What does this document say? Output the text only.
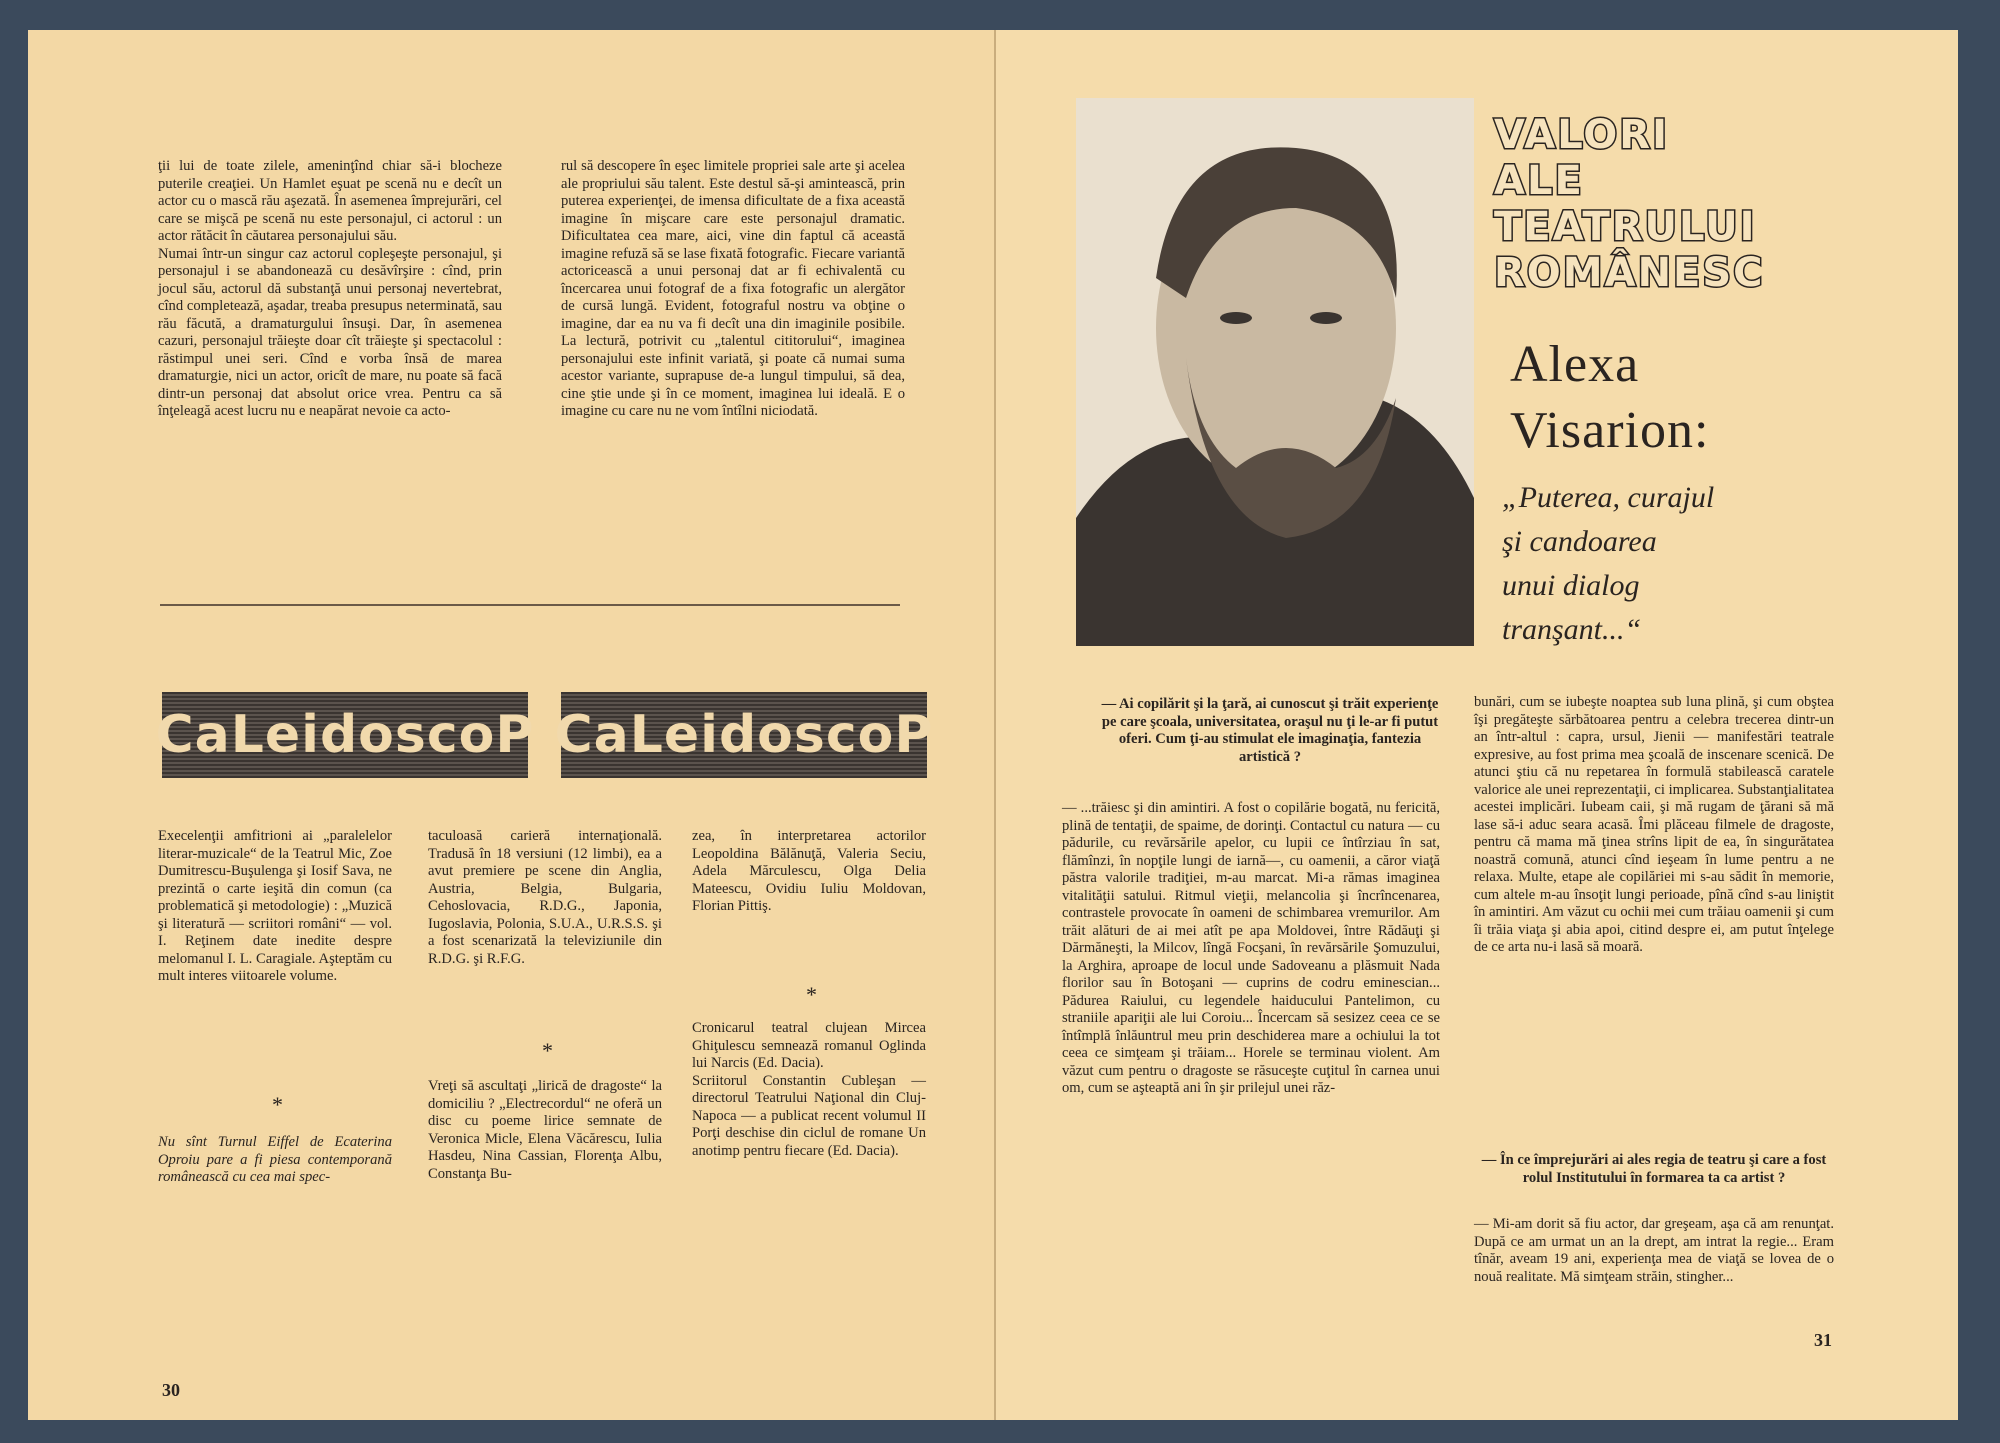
ţii lui de toate zilele, ameninţînd chiar să-i blocheze puterile creaţiei. Un Hamlet eşuat pe scenă nu e decît un actor cu o mască rău aşezată. În asemenea împrejurări, cel care se mişcă pe scenă nu este personajul, ci actorul : un actor rătăcit în căutarea personajului său.
Numai într-un singur caz actorul copleşeşte personajul, şi personajul i se abandonează cu desăvîrşire : cînd, prin jocul său, actorul dă substanţă unui personaj nevertebrat, cînd completează, aşadar, treaba presupus neterminată, sau rău făcută, a dramaturgului însuşi. Dar, în asemenea cazuri, personajul trăieşte doar cît trăieşte şi spectacolul : răstimpul unei seri. Cînd e vorba însă de marea dramaturgie, nici un actor, oricît de mare, nu poate să facă dintr-un personaj dat absolut orice vrea. Pentru ca să înţeleagă acest lucru nu e neapărat nevoie ca acto-
rul să descopere în eşec limitele propriei sale arte şi acelea ale propriului său talent. Este destul să-şi amintească, prin puterea experienţei, de imensa dificultate de a fixa această imagine în mişcare care este personajul dramatic. Dificultatea cea mare, aici, vine din faptul că această imagine refuză să se lase fixată fotografic. Fiecare variantă actoricească a unui personaj dat ar fi echivalentă cu încercarea unui fotograf de a fixa fotografic un alergător de cursă lungă. Evident, fotograful nostru va obţine o imagine, dar ea nu va fi decît una din imaginile posibile. La lectură, potrivit cu „talentul cititorului“, imaginea personajului este infinit variată, şi poate că numai suma acestor variante, suprapuse de-a lungul timpului, să dea, cine ştie unde şi în ce moment, imaginea lui ideală. E o imagine cu care nu ne vom întîlni niciodată.
CaLeidoscoP CaLeidoscoP
Execelenţii amfitrioni ai „paralelelor literar-muzicale“ de la Teatrul Mic, Zoe Dumitrescu-Buşulenga şi Iosif Sava, ne prezintă o carte ieşită din comun (ca problematică şi metodologie) : „Muzică şi literatură — scriitori români“ — vol. I. Reţinem date inedite despre melomanul I. L. Caragiale. Aşteptăm cu mult interes viitoarele volume.
*
Nu sînt Turnul Eiffel de Ecaterina Oproiu pare a fi piesa contemporană românească cu cea mai spec-
taculoasă carieră internaţională. Tradusă în 18 versiuni (12 limbi), ea a avut premiere pe scene din Anglia, Austria, Belgia, Bulgaria, Cehoslovacia, R.D.G., Japonia, Iugoslavia, Polonia, S.U.A., U.R.S.S. şi a fost scenarizată la televiziunile din R.D.G. şi R.F.G.
*
Vreţi să ascultaţi „lirică de dragoste“ la domiciliu ? „Electrecordul“ ne oferă un disc cu poeme lirice semnate de Veronica Micle, Elena Văcărescu, Iulia Hasdeu, Nina Cassian, Florenţa Albu, Constanţa Bu-
zea, în interpretarea actorilor Leopoldina Bălănuţă, Valeria Seciu, Adela Mărculescu, Olga Delia Mateescu, Ovidiu Iuliu Moldovan, Florian Pittiş.
*
Cronicarul teatral clujean Mircea Ghiţulescu semnează romanul Oglinda lui Narcis (Ed. Dacia).
Scriitorul Constantin Cubleşan — directorul Teatrului Naţional din Cluj-Napoca — a publicat recent volumul II Porţi deschise din ciclul de romane Un anotimp pentru fiecare (Ed. Dacia).
30
VALORI
ALE
TEATRULUI
ROMÂNESC
Alexa
Visarion:
„Puterea, curajul
şi candoarea
unui dialog
tranşant...“
— Ai copilărit şi la ţară, ai cunoscut şi trăit experienţe pe care şcoala, universitatea, oraşul nu ţi le-ar fi putut oferi. Cum ţi-au stimulat ele imaginaţia, fantezia artistică ?
— ...trăiesc şi din amintiri. A fost o copilărie bogată, nu fericită, plină de tentaţii, de spaime, de dorinţi. Contactul cu natura — cu pădurile, cu revărsările apelor, cu lupii ce întîrziau în sat, flămînzi, în nopţile lungi de iarnă—, cu oamenii, a căror viaţă păstra valorile tradiţiei, m-au marcat. Mi-a rămas imaginea vitalităţii satului. Ritmul vieţii, melancolia şi încrîncenarea, contrastele provocate în oameni de schimbarea vremurilor. Am trăit alături de ai mei atît pe apa Moldovei, între Rădăuţi şi Dărmăneşti, la Milcov, lîngă Focşani, în revărsările Şomuzului, la Arghira, aproape de locul unde Sadoveanu a plăsmuit Nada florilor sau în Botoşani — cuprins de codru eminescian... Pădurea Raiului, cu legendele haiducului Pantelimon, cu straniile apariţii ale lui Coroiu... Încercam să sesizez ceea ce se întîmplă înlăuntrul meu prin deschiderea mare a ochiului la tot ceea ce simţeam şi trăiam... Horele se terminau violent. Am văzut cum pentru o dragoste se răsuceşte cuţitul în carnea unui om, cum se aşteaptă ani în şir prilejul unei răz-
bunări, cum se iubeşte noaptea sub luna plină, şi cum obştea îşi pregăteşte sărbătoarea pentru a celebra trecerea dintr-un an într-altul : capra, ursul, Jienii — manifestări teatrale expresive, au fost prima mea şcoală de inscenare scenică. De atunci ştiu că nu repetarea în formulă stabilească caratele valorice ale unei reprezentaţii, ci implicarea. Substanţialitatea acestei implicări. Iubeam caii, şi mă rugam de ţărani să mă lase să-i aduc seara acasă. Îmi plăceau filmele de dragoste, pentru că mama mă ţinea strîns lipit de ea, în singurătatea noastră comună, atunci cînd ieşeam în lume pentru a ne relaxa. Multe, etape ale copilăriei mi s-au sădit în memorie, cum altele m-au însoţit lungi perioade, pînă cînd s-au liniştit în amintiri. Am văzut cu ochii mei cum trăiau oamenii şi cum îi trăia viaţa şi abia apoi, citind despre ei, am putut înţelege de ce arta nu-i lasă să moară.
— În ce împrejurări ai ales regia de teatru şi care a fost rolul Institutului în formarea ta ca artist ?
— Mi-am dorit să fiu actor, dar greşeam, aşa că am renunţat. După ce am urmat un an la drept, am intrat la regie... Eram tînăr, aveam 19 ani, experienţa mea de viaţă se lovea de o nouă realitate. Mă simţeam străin, stingher...
31
